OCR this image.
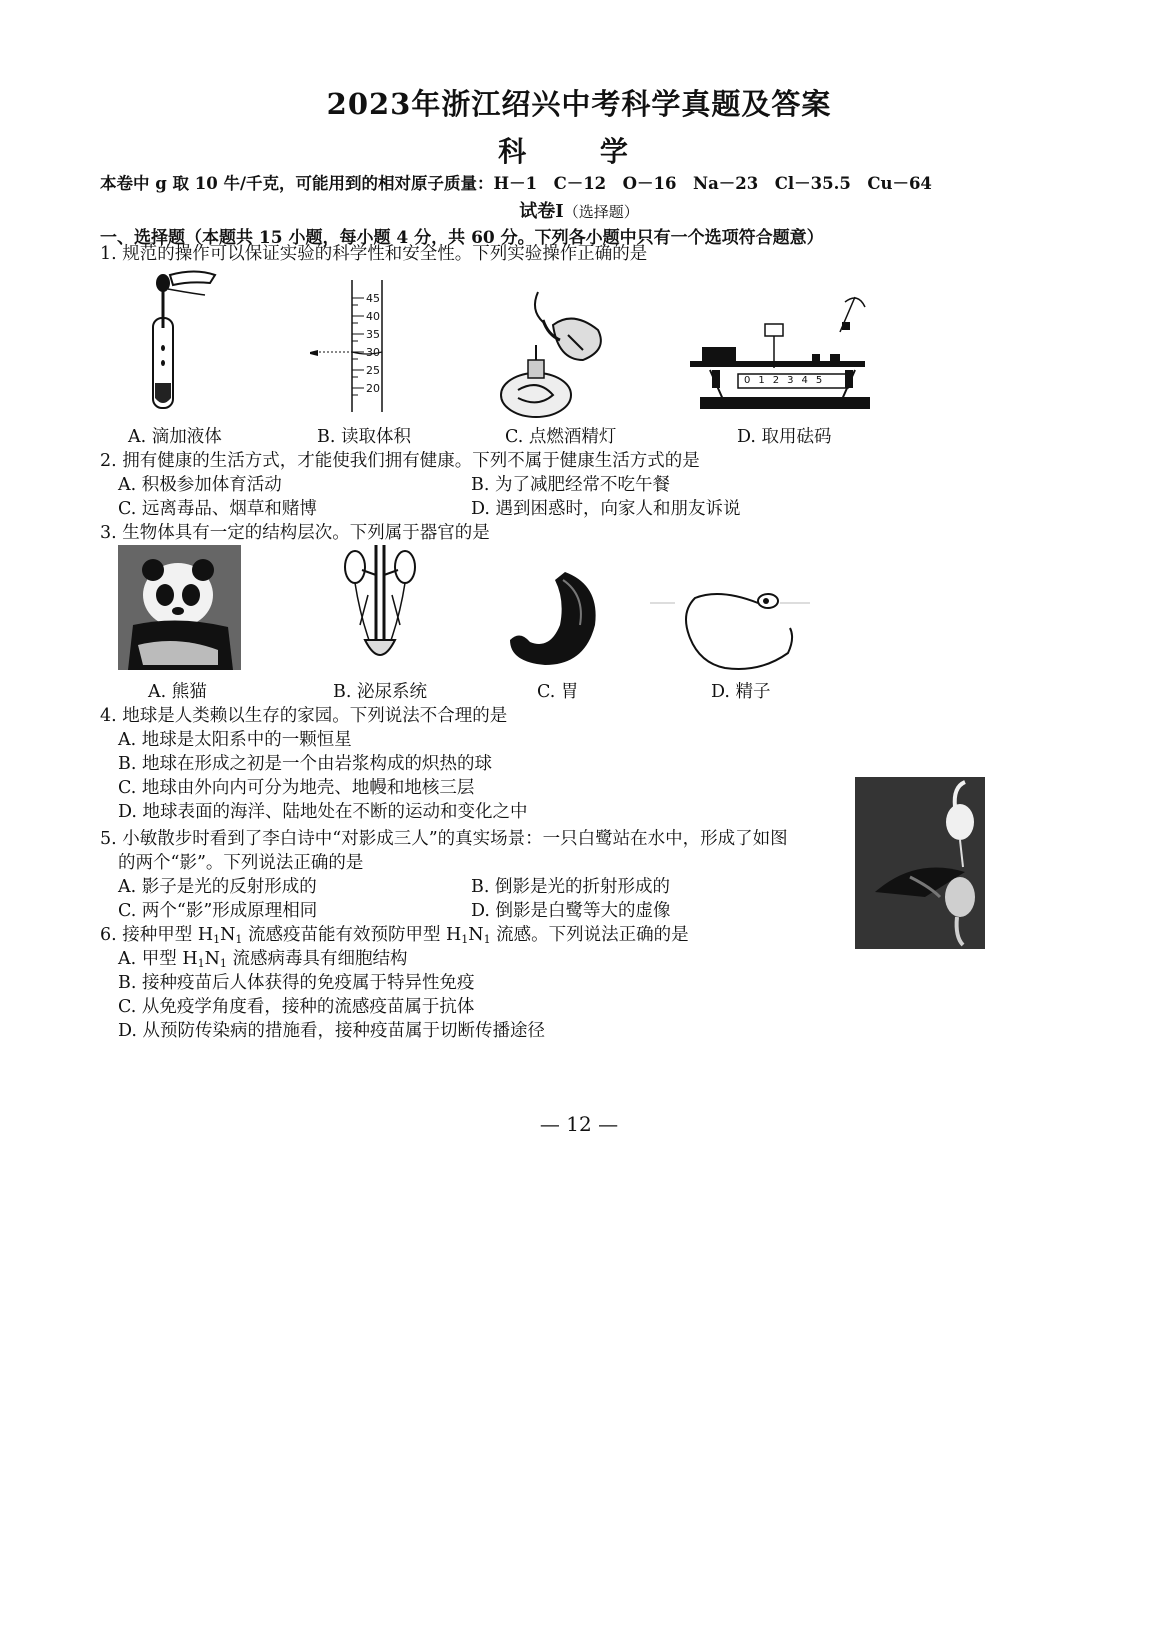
2023年浙江绍兴中考科学真题及答案
科 学
本卷中 g 取 10 牛/千克，可能用到的相对原子质量：H－1　C－12　O－16　Na－23　Cl－35.5　Cu－64
试卷Ⅰ（选择题）
一、选择题（本题共 15 小题，每小题 4 分，共 60 分。下列各小题中只有一个选项符合题意）
1. 规范的操作可以保证实验的科学性和安全性。下列实验操作正确的是
45
40
35
30
25
20
0 1 2 3 4 5
A. 滴加液体	B. 读取体积	C. 点燃酒精灯	D. 取用砝码
2. 拥有健康的生活方式，才能使我们拥有健康。下列不属于健康生活方式的是
A. 积极参加体育活动	B. 为了减肥经常不吃午餐
C. 远离毒品、烟草和赌博	D. 遇到困惑时，向家人和朋友诉说
3. 生物体具有一定的结构层次。下列属于器官的是
A. 熊猫	B. 泌尿系统	C. 胃	D. 精子
4. 地球是人类赖以生存的家园。下列说法不合理的是
A. 地球是太阳系中的一颗恒星
B. 地球在形成之初是一个由岩浆构成的炽热的球
C. 地球由外向内可分为地壳、地幔和地核三层
D. 地球表面的海洋、陆地处在不断的运动和变化之中
5. 小敏散步时看到了李白诗中“对影成三人”的真实场景：一只白鹭站在水中，形成了如图
的两个“影”。下列说法正确的是
A. 影子是光的反射形成的	B. 倒影是光的折射形成的
C. 两个“影”形成原理相同	D. 倒影是白鹭等大的虚像
6. 接种甲型 $H_1N_1$ 流感疫苗能有效预防甲型 $H_1N_1$ 流感。下列说法正确的是
A. 甲型 $H_1N_1$ 流感病毒具有细胞结构
B. 接种疫苗后人体获得的免疫属于特异性免疫
C. 从免疫学角度看，接种的流感疫苗属于抗体
D. 从预防传染病的措施看，接种疫苗属于切断传播途径
— 12 —
